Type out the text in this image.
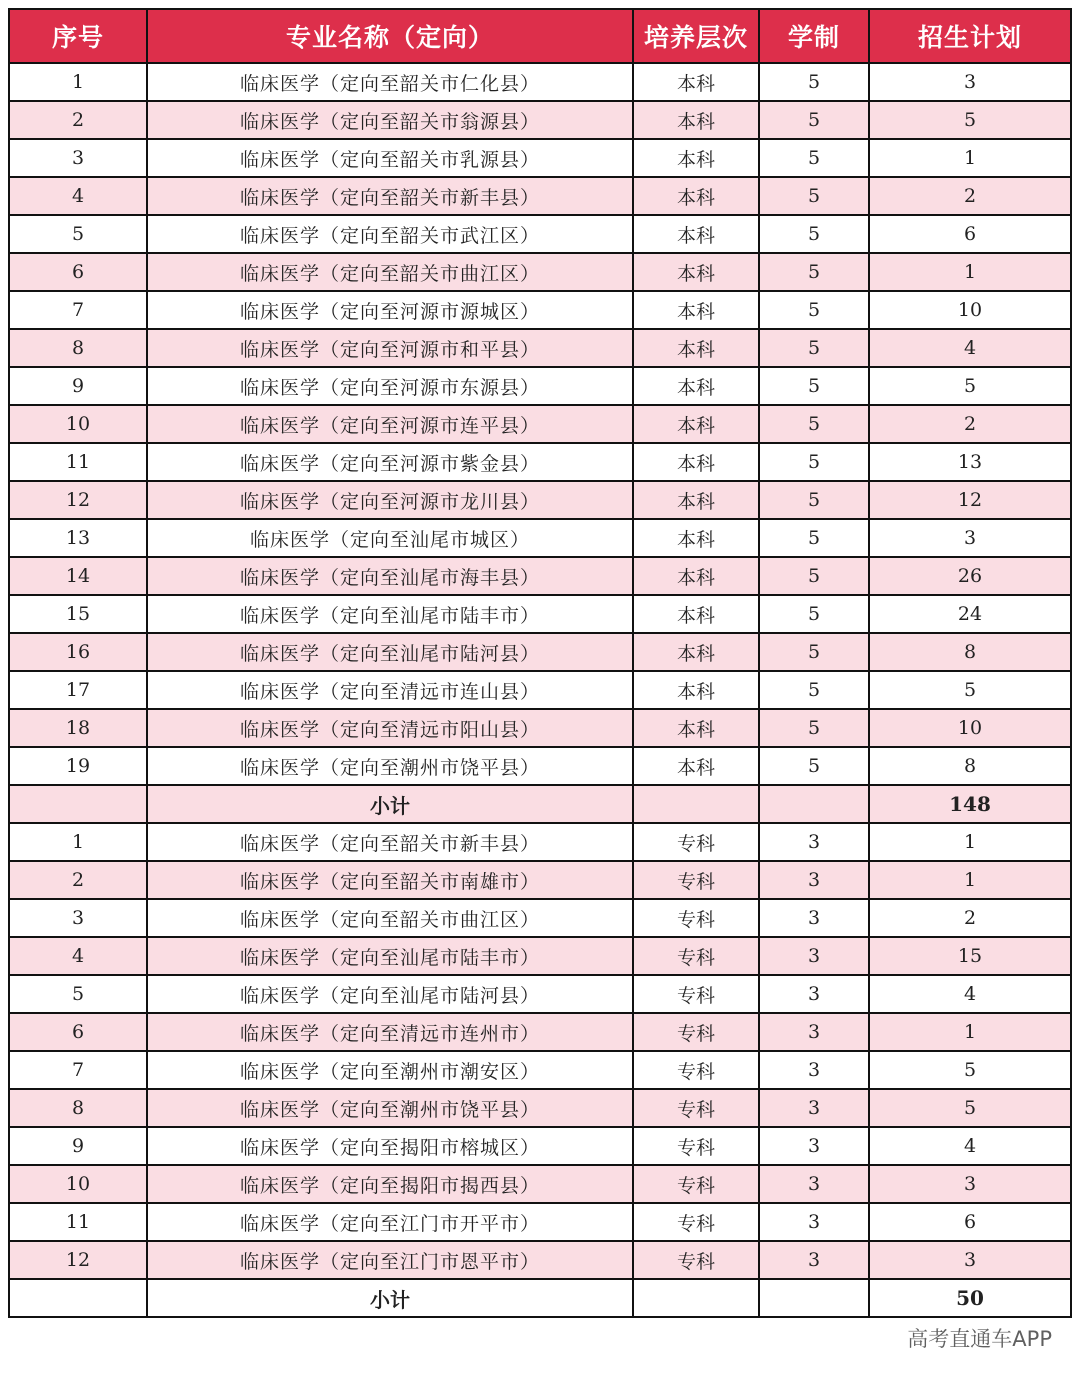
序号	专业名称（定向）	培养层次	学制	招生计划
1	临床医学（定向至韶关市仁化县）	本科	5	3
2	临床医学（定向至韶关市翁源县）	本科	5	5
3	临床医学（定向至韶关市乳源县）	本科	5	1
4	临床医学（定向至韶关市新丰县）	本科	5	2
5	临床医学（定向至韶关市武江区）	本科	5	6
6	临床医学（定向至韶关市曲江区）	本科	5	1
7	临床医学（定向至河源市源城区）	本科	5	10
8	临床医学（定向至河源市和平县）	本科	5	4
9	临床医学（定向至河源市东源县）	本科	5	5
10	临床医学（定向至河源市连平县）	本科	5	2
11	临床医学（定向至河源市紫金县）	本科	5	13
12	临床医学（定向至河源市龙川县）	本科	5	12
13	临床医学（定向至汕尾市城区）	本科	5	3
14	临床医学（定向至汕尾市海丰县）	本科	5	26
15	临床医学（定向至汕尾市陆丰市）	本科	5	24
16	临床医学（定向至汕尾市陆河县）	本科	5	8
17	临床医学（定向至清远市连山县）	本科	5	5
18	临床医学（定向至清远市阳山县）	本科	5	10
19	临床医学（定向至潮州市饶平县）	本科	5	8
	小计			148
1	临床医学（定向至韶关市新丰县）	专科	3	1
2	临床医学（定向至韶关市南雄市）	专科	3	1
3	临床医学（定向至韶关市曲江区）	专科	3	2
4	临床医学（定向至汕尾市陆丰市）	专科	3	15
5	临床医学（定向至汕尾市陆河县）	专科	3	4
6	临床医学（定向至清远市连州市）	专科	3	1
7	临床医学（定向至潮州市潮安区）	专科	3	5
8	临床医学（定向至潮州市饶平县）	专科	3	5
9	临床医学（定向至揭阳市榕城区）	专科	3	4
10	临床医学（定向至揭阳市揭西县）	专科	3	3
11	临床医学（定向至江门市开平市）	专科	3	6
12	临床医学（定向至江门市恩平市）	专科	3	3
	小计			50
高考直通车APP
